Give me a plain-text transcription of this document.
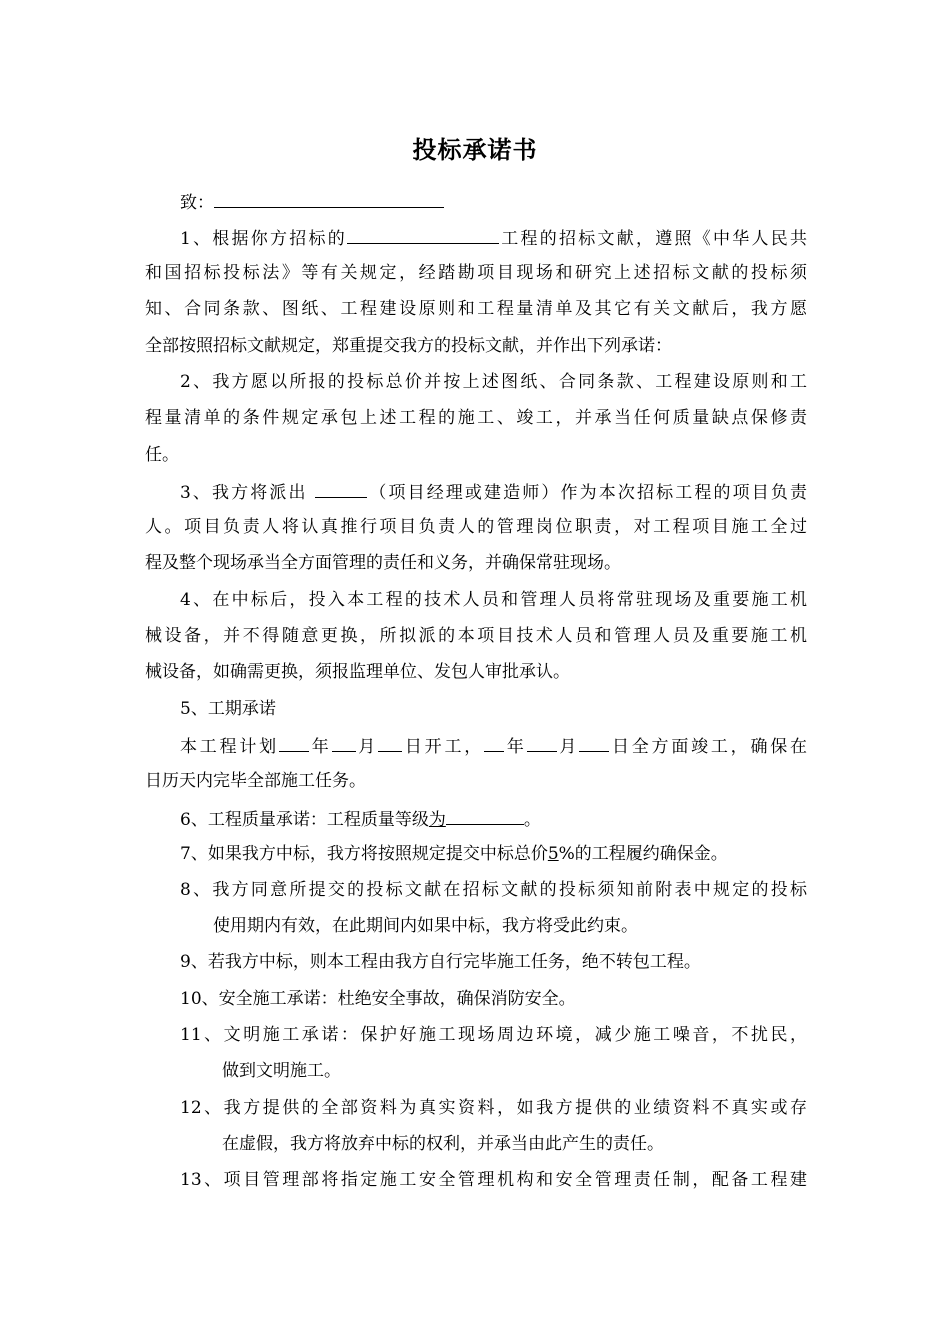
投标承诺书
致：
1、根据你方招标的	工程的招标文献，遵照《中华人民共
和国招标投标法》等有关规定，经踏勘项目现场和研究上述招标文献的投标须
知、合同条款、图纸、工程建设原则和工程量清单及其它有关文献后，我方愿
全部按照招标文献规定，郑重提交我方的投标文献，并作出下列承诺：
2、我方愿以所报的投标总价并按上述图纸、合同条款、工程建设原则和工
程量清单的条件规定承包上述工程的施工、竣工，并承当任何质量缺点保修责
任。
3、我方将派出	（项目经理或建造师）作为本次招标工程的项目负责
人。项目负责人将认真推行项目负责人的管理岗位职责，对工程项目施工全过
程及整个现场承当全方面管理的责任和义务，并确保常驻现场。
4、在中标后，投入本工程的技术人员和管理人员将常驻现场及重要施工机
械设备，并不得随意更换，所拟派的本项目技术人员和管理人员及重要施工机
械设备，如确需更换，须报监理单位、发包人审批承认。
5、工期承诺
本工程计划 年 月 日开工， 年 月 日全方面竣工，确保在
日历天内完毕全部施工任务。
6、工程质量承诺：工程质量等级为	。
7、如果我方中标，我方将按照规定提交中标总价5%的工程履约确保金。
8、我方同意所提交的投标文献在招标文献的投标须知前附表中规定的投标
使用期内有效，在此期间内如果中标，我方将受此约束。
9、若我方中标，则本工程由我方自行完毕施工任务，绝不转包工程。
10、安全施工承诺：杜绝安全事故，确保消防安全。
11、文明施工承诺：保护好施工现场周边环境，减少施工噪音，不扰民，
做到文明施工。
12、我方提供的全部资料为真实资料，如我方提供的业绩资料不真实或存
在虚假，我方将放弃中标的权利，并承当由此产生的责任。
13、项目管理部将指定施工安全管理机构和安全管理责任制，配备工程建
